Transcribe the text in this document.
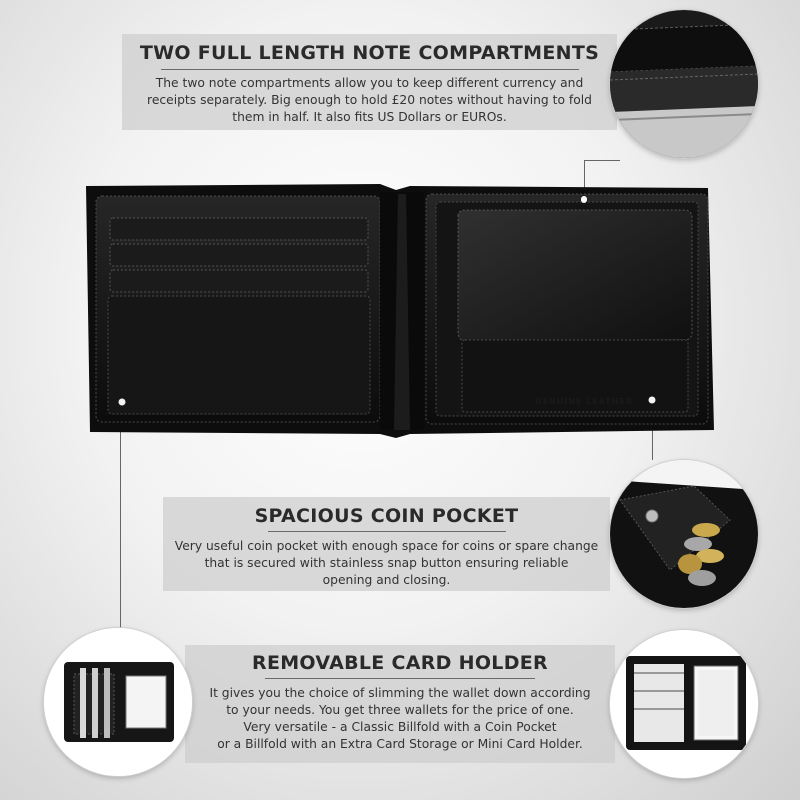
TWO FULL LENGTH NOTE COMPARTMENTS

The two note compartments allow you to keep different currency and

receipts separately. Big enough to hold £20 notes without having to fold

them in half. It also fits US Dollars or EUROs.

SPACIOUS COIN POCKET

Very useful coin pocket with enough space for coins or spare change

that is secured with stainless snap button ensuring reliable

opening and closing.

REMOVABLE CARD HOLDER

It gives you the choice of slimming the wallet down according

to your needs. You get three wallets for the price of one.

Very versatile - a Classic Billfold with a Coin Pocket

or a Billfold with an Extra Card Storage or Mini Card Holder.

GENUINE LEATHER
